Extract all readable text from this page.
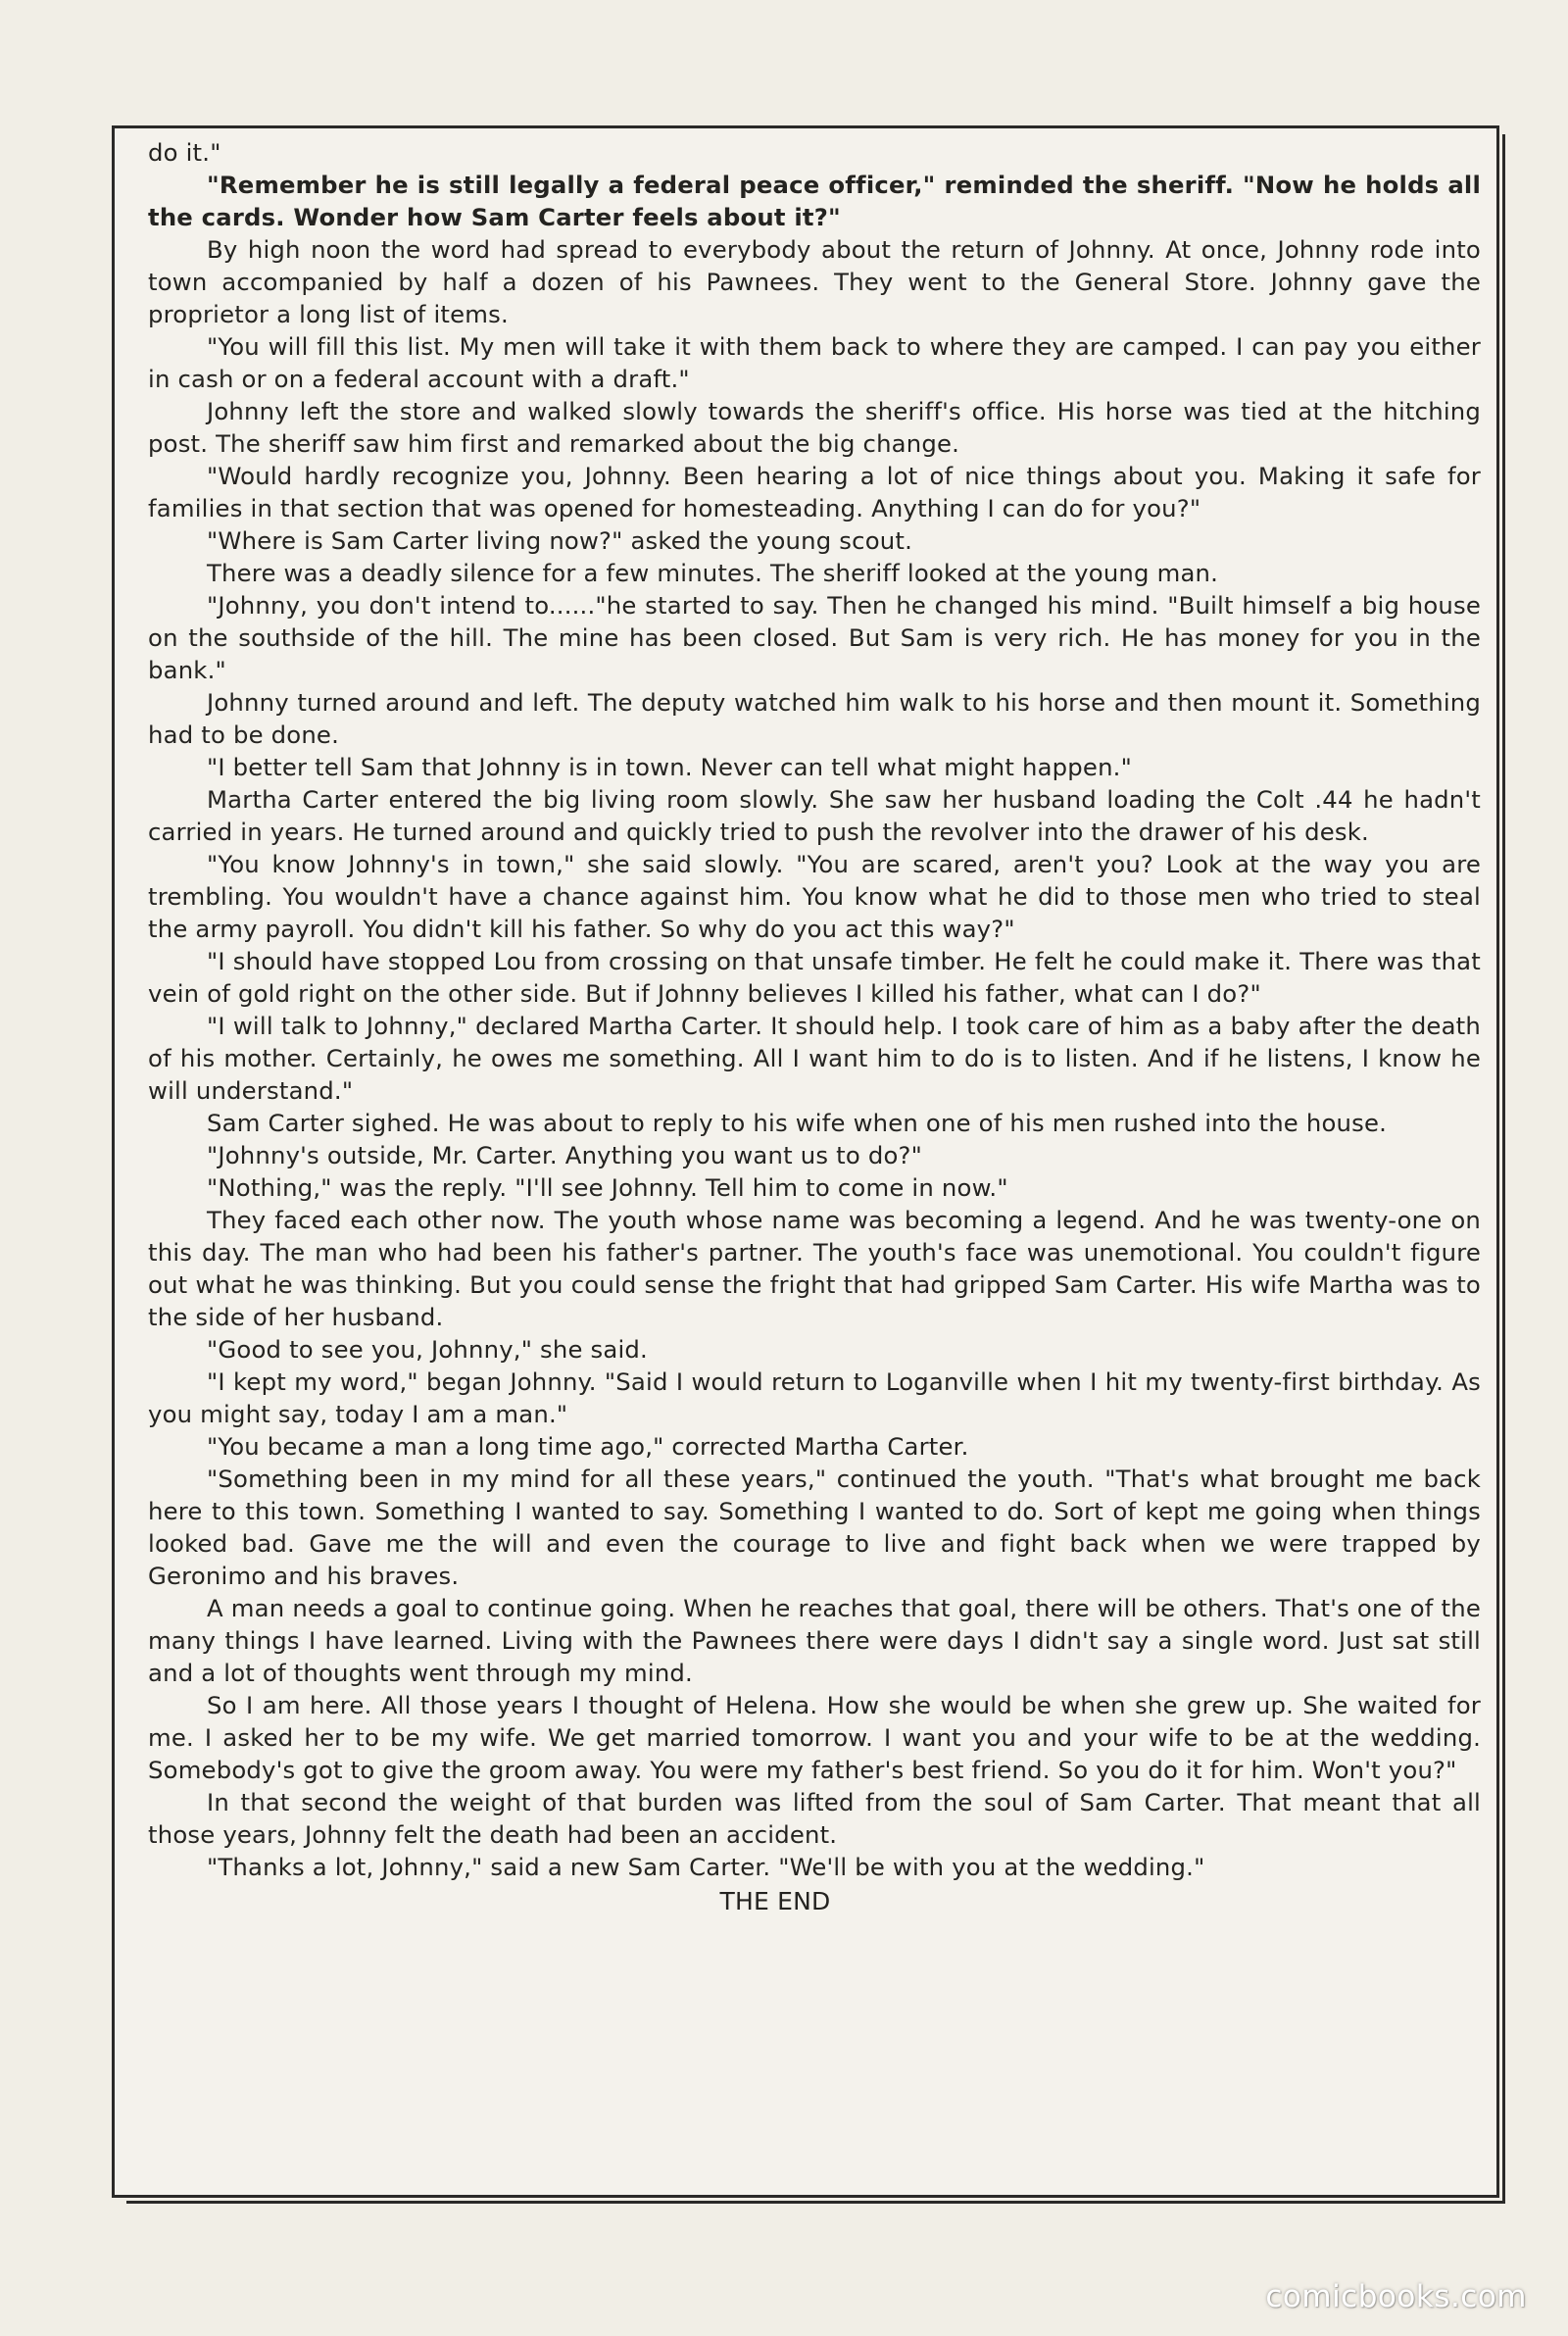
do it."

"Remember he is still legally a federal peace officer," reminded the sheriff. "Now he holds all the cards. Wonder how Sam Carter feels about it?"

By high noon the word had spread to everybody about the return of Johnny. At once, Johnny rode into town accompanied by half a dozen of his Pawnees. They went to the General Store. Johnny gave the proprietor a long list of items.

"You will fill this list. My men will take it with them back to where they are camped. I can pay you either in cash or on a federal account with a draft."

Johnny left the store and walked slowly towards the sheriff's office. His horse was tied at the hitching post. The sheriff saw him first and remarked about the big change.

"Would hardly recognize you, Johnny. Been hearing a lot of nice things about you. Making it safe for families in that section that was opened for homesteading. Anything I can do for you?"

"Where is Sam Carter living now?" asked the young scout.

There was a deadly silence for a few minutes. The sheriff looked at the young man.

"Johnny, you don't intend to......"he started to say. Then he changed his mind. "Built himself a big house on the southside of the hill. The mine has been closed. But Sam is very rich. He has money for you in the bank."

Johnny turned around and left. The deputy watched him walk to his horse and then mount it. Something had to be done.

"I better tell Sam that Johnny is in town. Never can tell what might happen."

Martha Carter entered the big living room slowly. She saw her husband loading the Colt .44 he hadn't carried in years. He turned around and quickly tried to push the revolver into the drawer of his desk.

"You know Johnny's in town," she said slowly. "You are scared, aren't you? Look at the way you are trembling. You wouldn't have a chance against him. You know what he did to those men who tried to steal the army payroll. You didn't kill his father. So why do you act this way?"

"I should have stopped Lou from crossing on that unsafe timber. He felt he could make it. There was that vein of gold right on the other side. But if Johnny believes I killed his father, what can I do?"

"I will talk to Johnny," declared Martha Carter. It should help. I took care of him as a baby after the death of his mother. Certainly, he owes me something. All I want him to do is to listen. And if he listens, I know he will understand."

Sam Carter sighed. He was about to reply to his wife when one of his men rushed into the house.

"Johnny's outside, Mr. Carter. Anything you want us to do?"

"Nothing," was the reply. "I'll see Johnny. Tell him to come in now."

They faced each other now. The youth whose name was becoming a legend. And he was twenty-one on this day. The man who had been his father's partner. The youth's face was unemotional. You couldn't figure out what he was thinking. But you could sense the fright that had gripped Sam Carter. His wife Martha was to the side of her husband.

"Good to see you, Johnny," she said.

"I kept my word," began Johnny. "Said I would return to Loganville when I hit my twenty-first birthday. As you might say, today I am a man."

"You became a man a long time ago," corrected Martha Carter.

"Something been in my mind for all these years," continued the youth. "That's what brought me back here to this town. Something I wanted to say. Something I wanted to do. Sort of kept me going when things looked bad. Gave me the will and even the courage to live and fight back when we were trapped by Geronimo and his braves.

A man needs a goal to continue going. When he reaches that goal, there will be others. That's one of the many things I have learned. Living with the Pawnees there were days I didn't say a single word. Just sat still and a lot of thoughts went through my mind.

So I am here. All those years I thought of Helena. How she would be when she grew up. She waited for me. I asked her to be my wife. We get married tomorrow. I want you and your wife to be at the wedding. Somebody's got to give the groom away. You were my father's best friend. So you do it for him. Won't you?"

In that second the weight of that burden was lifted from the soul of Sam Carter. That meant that all those years, Johnny felt the death had been an accident.

"Thanks a lot, Johnny," said a new Sam Carter. "We'll be with you at the wedding."

THE END

comicbooks.com
